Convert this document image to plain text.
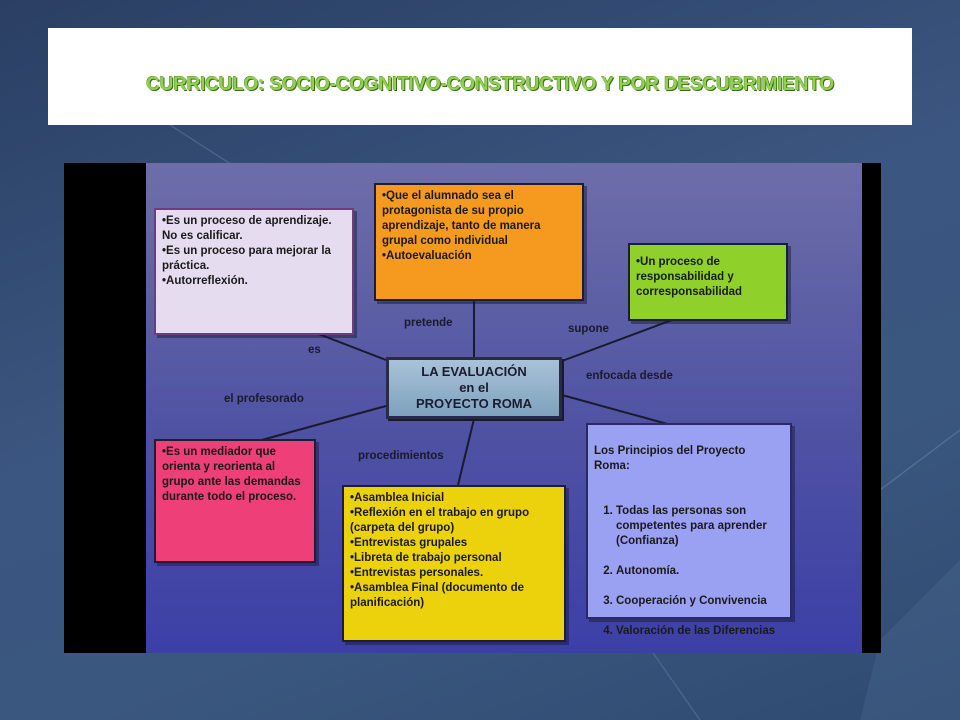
CURRICULO: SOCIO-COGNITIVO-CONSTRUCTIVO Y POR DESCUBRIMIENTO
•Es un proceso de aprendizaje. No es calificar.
•Es un proceso para mejorar la práctica.
•Autorreflexión.
•Que el alumnado sea el protagonista de su propio aprendizaje, tanto de manera grupal como individual
•Autoevaluación	•Un proceso de responsabilidad y corresponsabilidad
•Es un mediador que orienta y reorienta al grupo ante las demandas durante todo el proceso.	•Asamblea Inicial
•Reflexión en el trabajo en grupo (carpeta del grupo)
•Entrevistas grupales
•Libreta de trabajo personal
•Entrevistas personales.
•Asamblea Final (documento de planificación)

Los Principios del Proyecto Roma:

1. Todas las personas son competentes para aprender (Confianza)

2. Autonomía.

3. Cooperación y Convivencia

4. Valoración de las Diferencias

LA EVALUACIÓN
en el
PROYECTO ROMA
es
pretende	supone
enfocada desde
el profesorado
procedimientos
